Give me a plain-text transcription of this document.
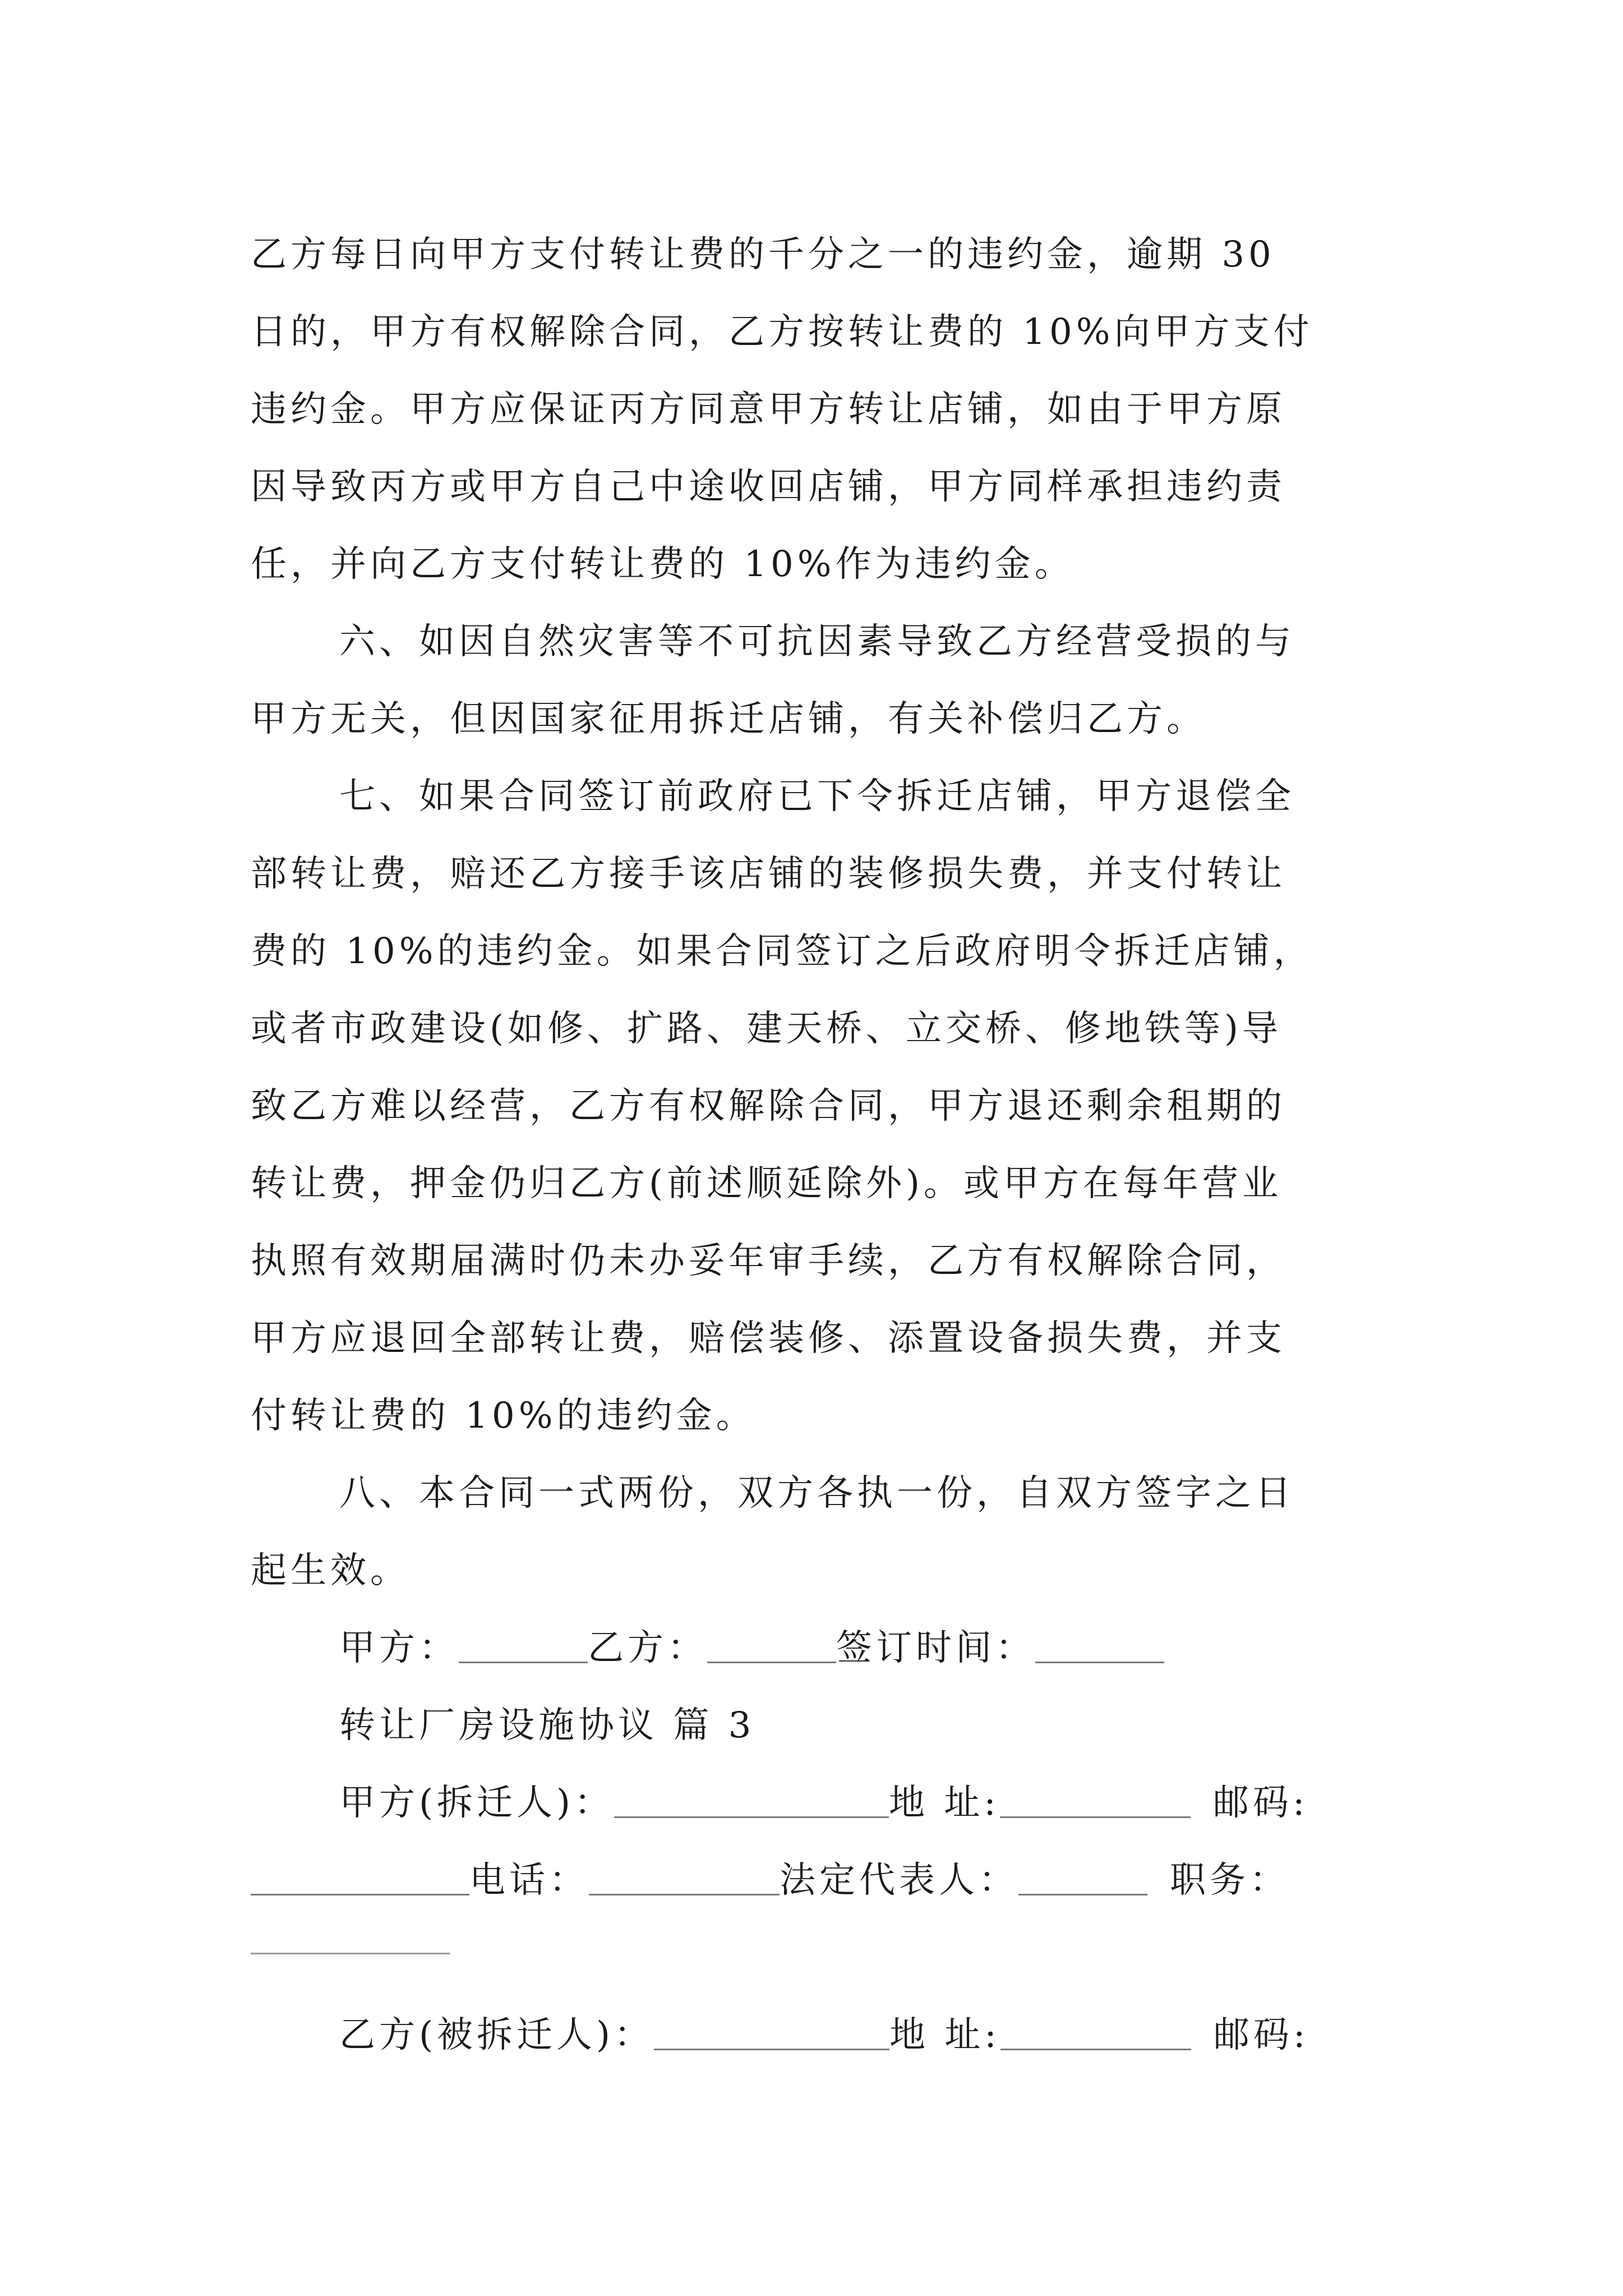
乙方每日向甲方支付转让费的千分之一的违约金，逾期 30
日的，甲方有权解除合同，乙方按转让费的 10%向甲方支付
违约金。甲方应保证丙方同意甲方转让店铺，如由于甲方原
因导致丙方或甲方自己中途收回店铺，甲方同样承担违约责
任，并向乙方支付转让费的 10%作为违约金。
六、如因自然灾害等不可抗因素导致乙方经营受损的与
甲方无关，但因国家征用拆迁店铺，有关补偿归乙方。
七、如果合同签订前政府已下令拆迁店铺，甲方退偿全
部转让费，赔还乙方接手该店铺的装修损失费，并支付转让
费的 10%的违约金。如果合同签订之后政府明令拆迁店铺，
或者市政建设(如修、扩路、建天桥、立交桥、修地铁等)导
致乙方难以经营，乙方有权解除合同，甲方退还剩余租期的
转让费，押金仍归乙方(前述顺延除外)。或甲方在每年营业
执照有效期届满时仍未办妥年审手续，乙方有权解除合同，
甲方应退回全部转让费，赔偿装修、添置设备损失费，并支
付转让费的 10%的违约金。
八、本合同一式两份，双方各执一份，自双方签字之日
起生效。
甲方：	乙方：	签订时间：
转让厂房设施协议 篇 3
甲方(拆迁人)：	地 址:	邮码:
电话：	法定代表人：	职务：
乙方(被拆迁人)：	地 址:	邮码:
